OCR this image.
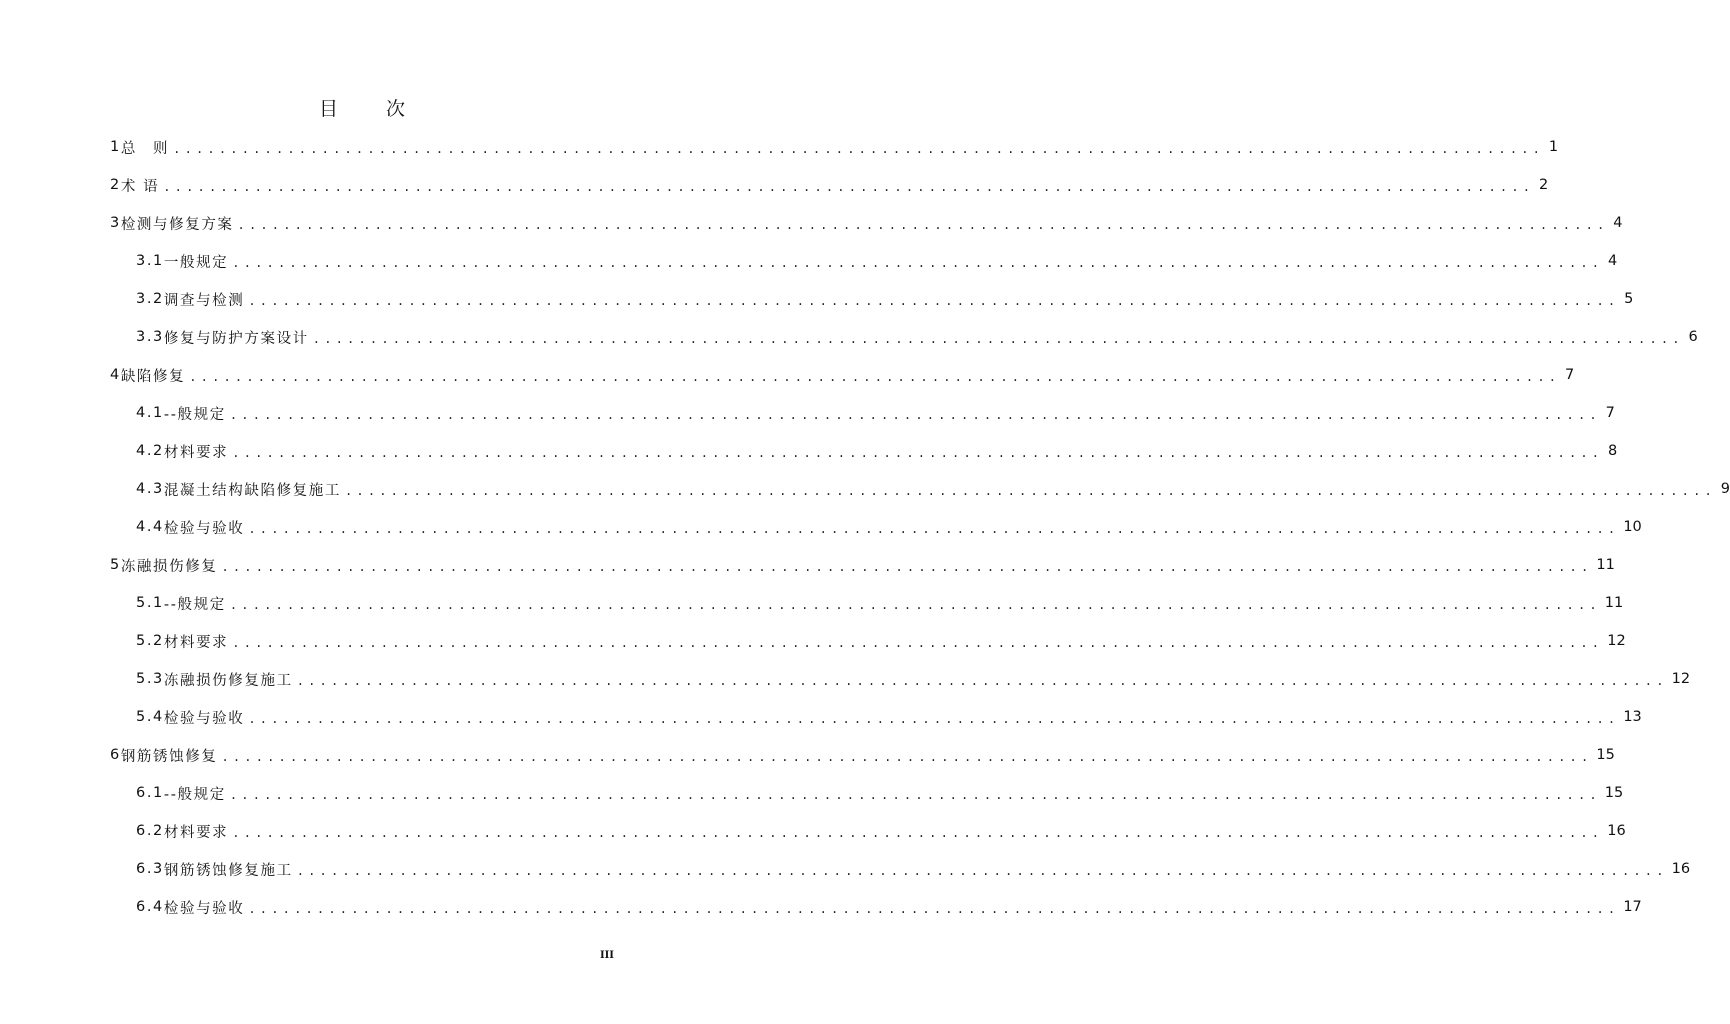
目	次
1 总　则 ........................................................................................................................ 1
2 术 语 ........................................................................................................................ 2
3 检测与修复方案 ........................................................................................................................ 4
3.1 一般规定 ........................................................................................................................ 4
3.2 调查与检测 ........................................................................................................................ 5
3.3 修复与防护方案设计 ........................................................................................................................ 6
4 缺陷修复 ........................................................................................................................ 7
4.1 --般规定 ........................................................................................................................ 7
4.2 材料要求 ........................................................................................................................ 8
4.3 混凝土结构缺陷修复施工 ........................................................................................................................ 9
4.4 检验与验收 ........................................................................................................................ 10
5 冻融损伤修复 ........................................................................................................................ 11
5.1 --般规定 ........................................................................................................................ 11
5.2 材料要求 ........................................................................................................................ 12
5.3 冻融损伤修复施工 ........................................................................................................................ 12
5.4 检验与验收 ........................................................................................................................ 13
6 钢筋锈蚀修复 ........................................................................................................................ 15
6.1 --般规定 ........................................................................................................................ 15
6.2 材料要求 ........................................................................................................................ 16
6.3 钢筋锈蚀修复施工 ........................................................................................................................ 16
6.4 检验与验收 ........................................................................................................................ 17
III
